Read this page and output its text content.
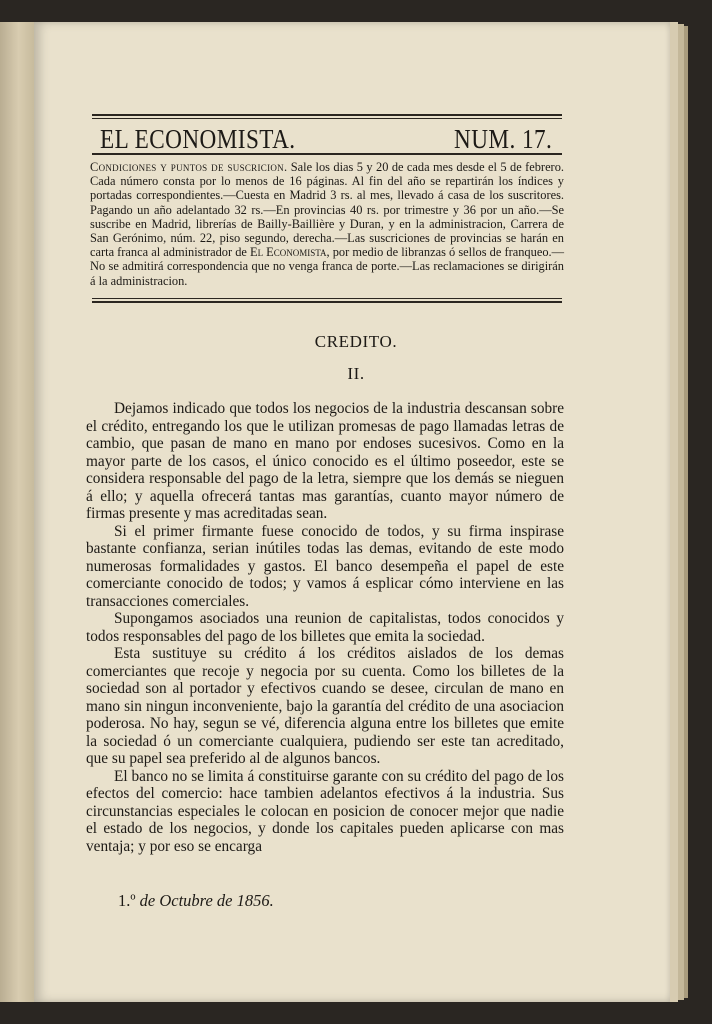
EL ECONOMISTA.	NUM. 17.
Condiciones y puntos de suscricion. Sale los dias 5 y 20 de cada mes desde el 5 de febrero. Cada número consta por lo menos de 16 páginas. Al fin del año se repartirán los índices y portadas correspondientes.—Cuesta en Madrid 3 rs. al mes, llevado á casa de los suscritores. Pagando un año adelantado 32 rs.—En provincias 40 rs. por trimestre y 36 por un año.—Se suscribe en Madrid, librerías de Bailly-Baillière y Duran, y en la administracion, Carrera de San Gerónimo, núm. 22, piso segundo, derecha.—Las suscriciones de provincias se harán en carta franca al administrador de El Economista, por medio de libranzas ó sellos de franqueo.—No se admitirá correspondencia que no venga franca de porte.—Las reclamaciones se dirigirán á la administracion.
CREDITO.
II.

Dejamos indicado que todos los negocios de la industria descansan sobre el crédito, entregando los que le utilizan promesas de pago llamadas letras de cambio, que pasan de mano en mano por endoses sucesivos. Como en la mayor parte de los casos, el único conocido es el último poseedor, este se considera responsable del pago de la letra, siempre que los demás se nieguen á ello; y aquella ofrecerá tantas mas garantías, cuanto mayor número de firmas presente y mas acreditadas sean.

Si el primer firmante fuese conocido de todos, y su firma inspirase bastante confianza, serian inútiles todas las demas, evitando de este modo numerosas formalidades y gastos. El banco desempeña el papel de este comerciante conocido de todos; y vamos á esplicar cómo interviene en las transacciones comerciales.

Supongamos asociados una reunion de capitalistas, todos conocidos y todos responsables del pago de los billetes que emita la sociedad.

Esta sustituye su crédito á los créditos aislados de los demas comerciantes que recoje y negocia por su cuenta. Como los billetes de la sociedad son al portador y efectivos cuando se desee, circulan de mano en mano sin ningun inconveniente, bajo la garantía del crédito de una asociacion poderosa. No hay, segun se vé, diferencia alguna entre los billetes que emite la sociedad ó un comerciante cualquiera, pudiendo ser este tan acreditado, que su papel sea preferido al de algunos bancos.

El banco no se limita á constituirse garante con su crédito del pago de los efectos del comercio: hace tambien adelantos efectivos á la industria. Sus circunstancias especiales le colocan en posicion de conocer mejor que nadie el estado de los negocios, y donde los capitales pueden aplicarse con mas ventaja; y por eso se encarga

1.º de Octubre de 1856.
